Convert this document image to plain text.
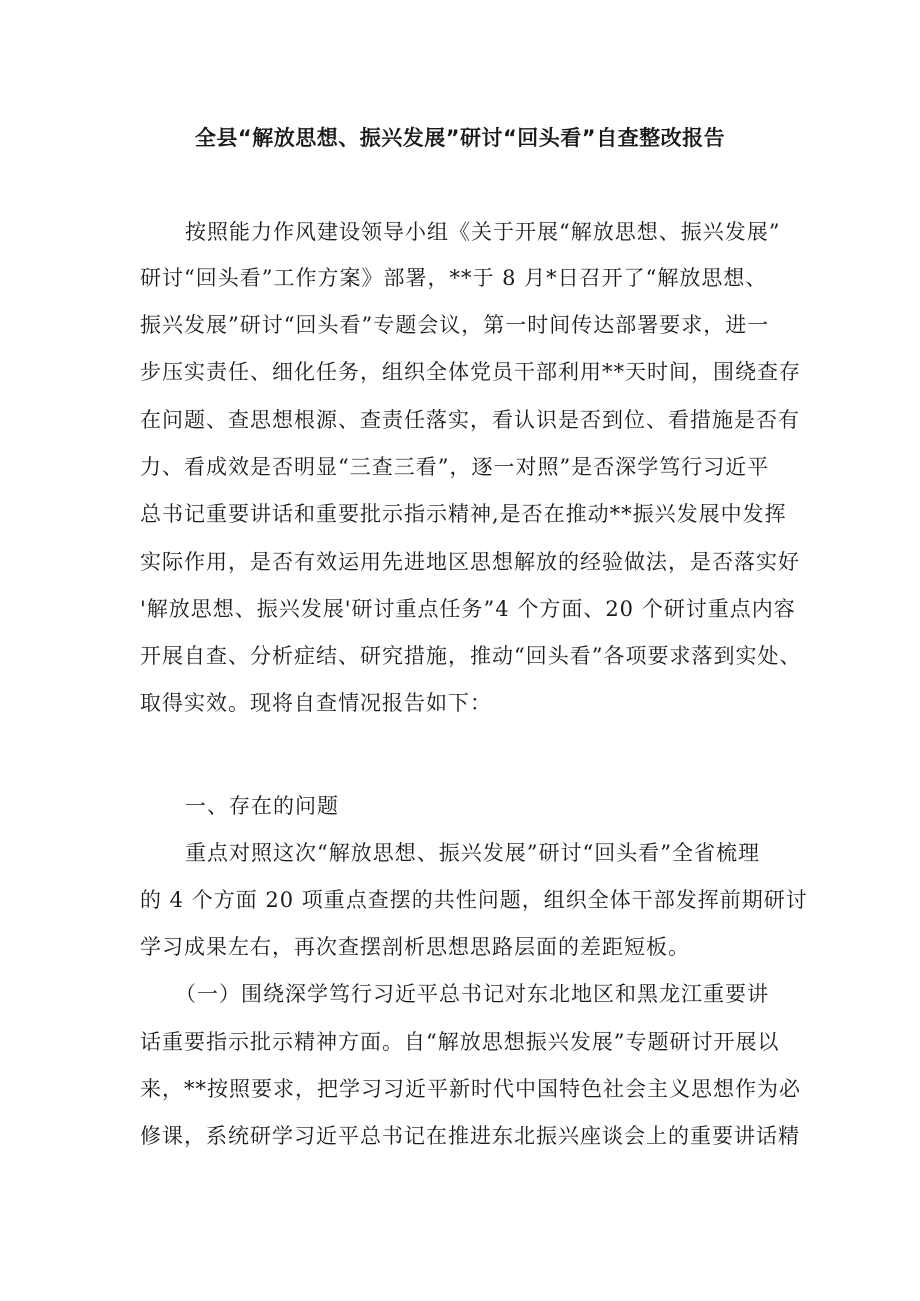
全县“解放思想、振兴发展”研讨“回头看”自查整改报告
按照能力作风建设领导小组《关于开展“解放思想、振兴发展”
研讨“回头看”工作方案》部署，**于 8 月*日召开了“解放思想、
振兴发展”研讨“回头看”专题会议，第一时间传达部署要求，进一
步压实责任、细化任务，组织全体党员干部利用**天时间，围绕查存
在问题、查思想根源、查责任落实，看认识是否到位、看措施是否有
力、看成效是否明显“三查三看”，逐一对照”是否深学笃行习近平
总书记重要讲话和重要批示指示精神,是否在推动**振兴发展中发挥
实际作用，是否有效运用先进地区思想解放的经验做法，是否落实好
'解放思想、振兴发展'研讨重点任务”4 个方面、20 个研讨重点内容
开展自查、分析症结、研究措施，推动“回头看”各项要求落到实处、
取得实效。现将自查情况报告如下：
一、存在的问题
重点对照这次“解放思想、振兴发展”研讨“回头看”全省梳理
的 4 个方面 20 项重点查摆的共性问题，组织全体干部发挥前期研讨
学习成果左右，再次查摆剖析思想思路层面的差距短板。
（一）围绕深学笃行习近平总书记对东北地区和黑龙江重要讲
话重要指示批示精神方面。自“解放思想振兴发展”专题研讨开展以
来，**按照要求，把学习习近平新时代中国特色社会主义思想作为必
修课，系统研学习近平总书记在推进东北振兴座谈会上的重要讲话精
